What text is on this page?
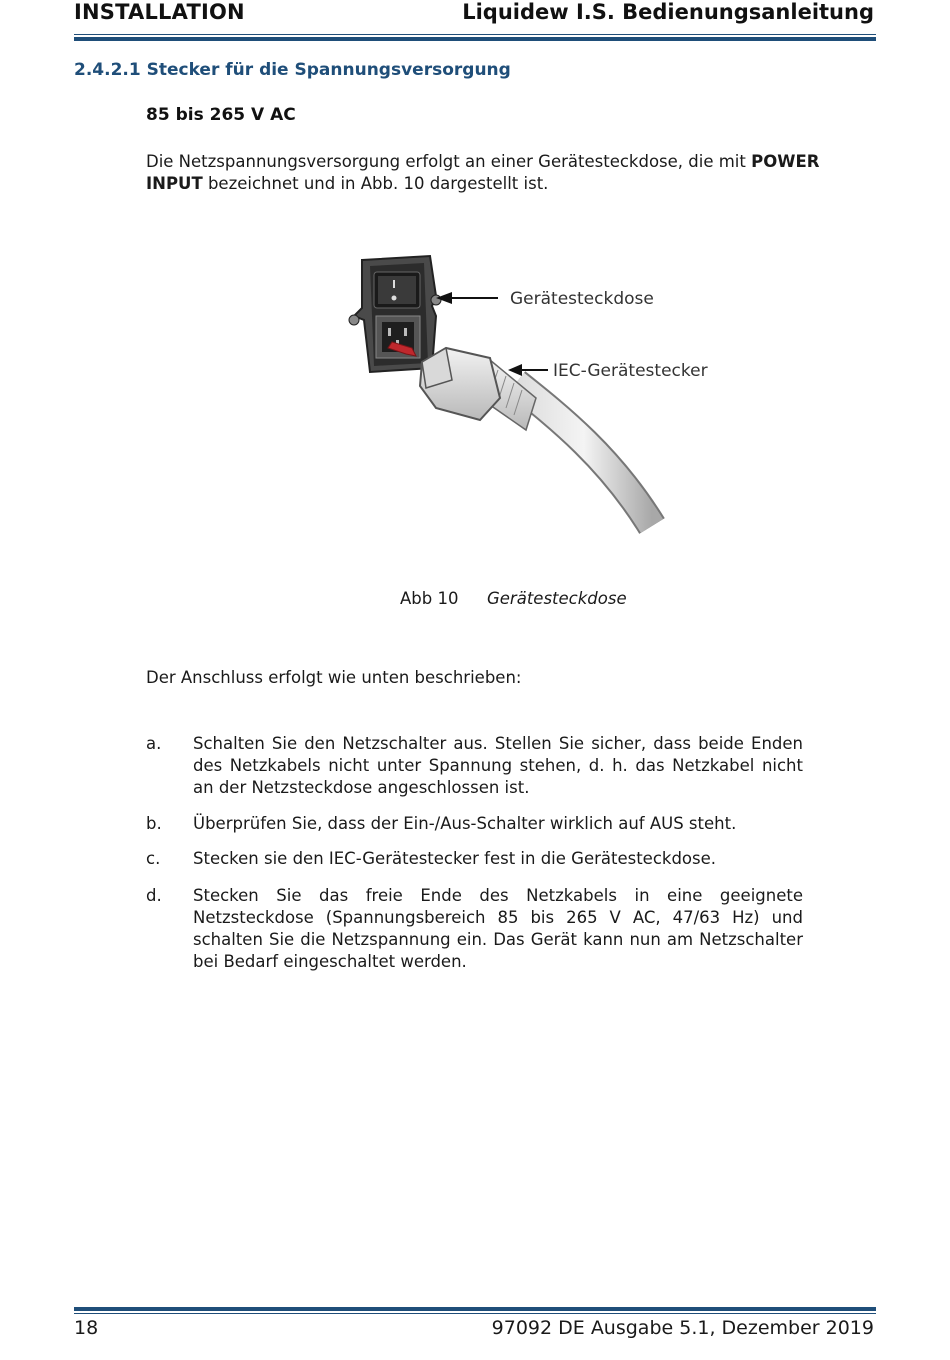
INSTALLATION	Liquidew I.S. Bedienungsanleitung
2.4.2.1 Stecker für die Spannungsversorgung
85 bis 265 V AC
Die Netzspannungsversorgung erfolgt an einer Gerätesteckdose, die mit POWER INPUT bezeichnet und in Abb. 10 dargestellt ist.
Gerätesteckdose
IEC-Gerätestecker
Abb 10 Gerätesteckdose
Der Anschluss erfolgt wie unten beschrieben:
a. Schalten Sie den Netzschalter aus. Stellen Sie sicher, dass beide Enden des Netzkabels nicht unter Spannung stehen, d. h. das Netzkabel nicht an der Netzsteckdose angeschlossen ist.
b. Überprüfen Sie, dass der Ein-/Aus-Schalter wirklich auf AUS steht.
c. Stecken sie den IEC-Gerätestecker fest in die Gerätesteckdose.
d. Stecken Sie das freie Ende des Netzkabels in eine geeignete Netzsteckdose (Spannungsbereich 85 bis 265 V AC, 47/63 Hz) und schalten Sie die Netzspannung ein. Das Gerät kann nun am Netzschalter bei Bedarf eingeschaltet werden.
18	97092 DE Ausgabe 5.1, Dezember 2019
